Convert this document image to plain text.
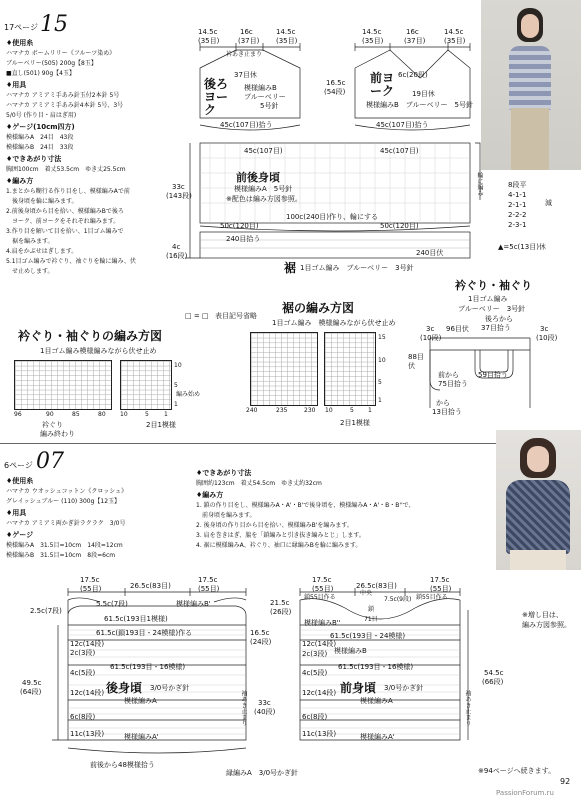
17ページ 15
♦使用糸
ハマナカ ボームリリー《フルーツ染め》
ブルーベリー(505) 200g【8玉】
■直し(501) 90g【4玉】
♦用具
ハマナカ アミアミ手あみ針玉付2本針 5号
ハマナカ アミアミ手あみ針4本針 5号、3号
5/0号 (作り目・肩はぎ用)
♦ゲージ(10cm四方)
模様編みA　24目　43段
模様編みB　24目　33段
♦できあがり寸法
胸囲100cm　着丈53.5cm　ゆき丈25.5cm
♦編み方
1.まとから糊行る作り目をし、模様編みAで前
　後身頃を輪に編みます。
2.前後身頃から目を拾い、模様編みBで後ろ
　ヨーク、前ヨークをそれぞれ編みます。
3.作り目を解いて目を拾い、1目ゴム編みで
　裾を編みます。
4.肩をかぶせはぎします。
5.1目ゴム編みで衿ぐり、袖ぐりを輪に編み、伏
　せ止めします。
14.5c
(35目)
16c
(37目)
14.5c
(35目)
14.5c
(35目)
16c
(37目)
14.5c
(35目)
衿あき止まり
37目休
後ろヨーク
模様編みB
ブルーベリー
5号針
前ヨーク
6c(20段)
19目休
模様編みB　ブルーベリー　5号針
16.5c
(54段)
45c(107目)拾う	45c(107目)拾う
45c(107目)	45c(107目)
前後身頃
模様編みA　5号針
※配色は編み方図参照。
33c
(143段)	輪に編み
100c(240目)作り、輪にする
50c(120目)	50c(120目)
240目拾う
240目伏
4c
(16段)
裾 1目ゴム編み　ブルーベリー　3号針
8段平
4-1-1
2-1-1
2-2-2
2-3-1
減
▲=5c(13目)休
衿ぐり・袖ぐり
1目ゴム編み
ブルーベリー　3号針
3c
(10段)
96目伏
後ろから
37目拾う	3c
(10段)
88目
伏
前から
75目拾う
59目拾う
から
13目拾う
□ = □ 表目記号省略
裾の編み方図
1目ゴム編み　模様編みながら伏せ止め
15
10
5
1
240	235	230 10	5 1
2目1模様
衿ぐり・袖ぐりの編み方図
1目ゴム編み模様編みながら伏せ止め
10
5
1
編み始め
96	90	85	80 10	5	1
衿ぐり
編み終わり
2目1模様
6ページ 07
♦使用糸
ハマナカ ウオッシュコットン《クロッシェ》
グレイッシュブルー (110) 300g【12玉】
♦用具
ハマナカ アミアミ両かぎ針ラクラク　3/0号
♦ゲージ
模様編みA　31.5目=10cm　14段=12cm
模様編みB　31.5目=10cm　8段=6cm
♦できあがり寸法
胸囲約123cm　着丈54.5cm　ゆき丈約32cm
♦編み方
1. 鎖の作り目をし、模様編みA・A'・B'で後身頃を、模様編みA・A'・B・B''で、
　前身頃を編みます。
2. 後身頃の作り目から目を拾い、模様編みB'を編みます。
3. 肩を巻きはぎ、脇を「鎖編みと引き抜き編みとじ」します。
4. 裾に模様編みA、衿ぐり、袖口に縁編みBを輪に編みます。
17.5c
(55目)	26.5c(83目)
17.5c
(55目)
17.5c
(55目)	26.5c(83目)
17.5c
(55目)
2.5c(7段)
5.5c(7段)	模様編みB'
61.5c(193目1模様)
61.5c(鎖193目・24模様)作る
12c(14段)
2c(3段)
61.5c(193目・16模様)
4c(5段)
後身頃 3/0号かぎ針
模様編みA
12c(14段)
6c(8段)
11c(13段)	模様編みA'
前後から48模様拾う
49.5c
(64段)
16.5c
(24段)
33c
(40段)
袖あき止まり
縁編みA　3/0号かぎ針
21.5c
(26段)
鎖55目作る
中央
7.5c(9段) 鎖55目作る
鎖
71目
模様編みB''
61.5c(193目・24模様)
12c(14段)
模様編みB
2c(3段)
61.5c(193目・16模様)
4c(5段)
前身頃 3/0号かぎ針
模様編みA
12c(14段)
6c(8段)
11c(13段)	模様編みA'
袖あき止まり
54.5c
(66段)
※増し目は、
編み方図参照。
※94ページへ続きます。
92
PassionForum.ru
